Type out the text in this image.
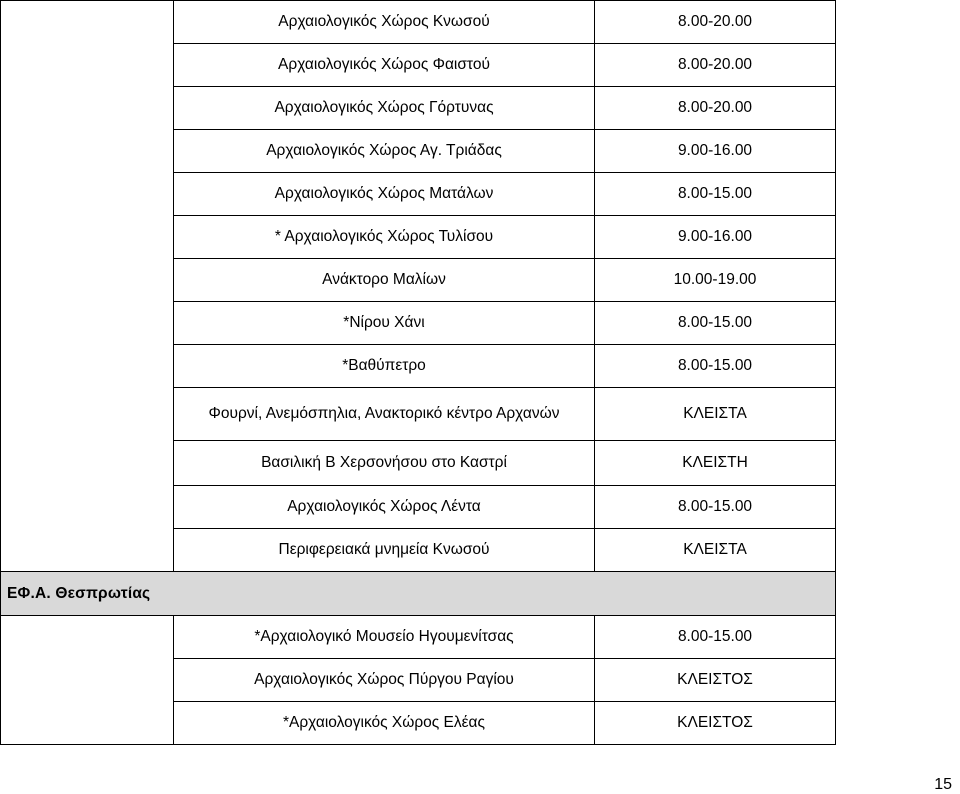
	Αρχαιολογικός Χώρος Κνωσού	8.00-20.00
	Αρχαιολογικός Χώρος Φαιστού	8.00-20.00
	Αρχαιολογικός Χώρος Γόρτυνας	8.00-20.00
	Αρχαιολογικός Χώρος Αγ. Τριάδας	9.00-16.00
	Αρχαιολογικός Χώρος Ματάλων	8.00-15.00
	* Αρχαιολογικός Χώρος Τυλίσου	9.00-16.00
	Ανάκτορο Μαλίων	10.00-19.00
	*Νίρου Χάνι	8.00-15.00
	*Βαθύπετρο	8.00-15.00
	Φουρνί, Ανεμόσπηλια, Ανακτορικό κέντρο Αρχανών	ΚΛΕΙΣΤΑ
	Βασιλική Β Χερσονήσου στο Καστρί	ΚΛΕΙΣΤΗ
	Αρχαιολογικός Χώρος Λέντα	8.00-15.00
	Περιφερειακά μνημεία Κνωσού	ΚΛΕΙΣΤΑ
ΕΦ.Α. Θεσπρωτίας		
	*Αρχαιολογικό Μουσείο Ηγουμενίτσας	8.00-15.00
	Αρχαιολογικός Χώρος Πύργου Ραγίου	ΚΛΕΙΣΤΟΣ
	*Αρχαιολογικός Χώρος Ελέας	ΚΛΕΙΣΤΟΣ
15
